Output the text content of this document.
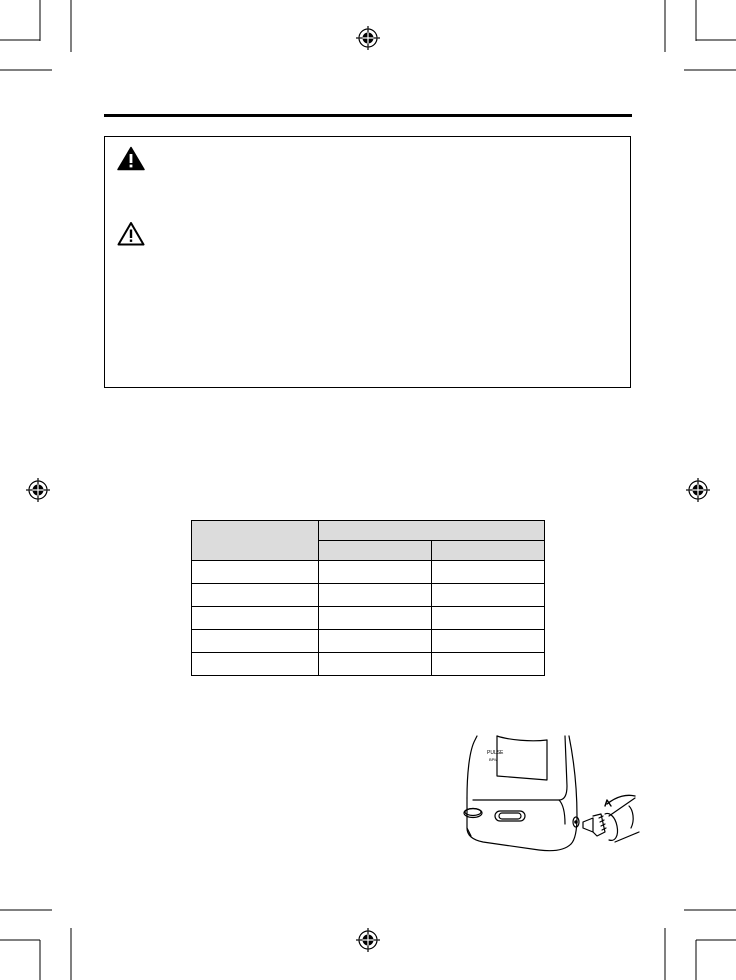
PULSE
BPM
